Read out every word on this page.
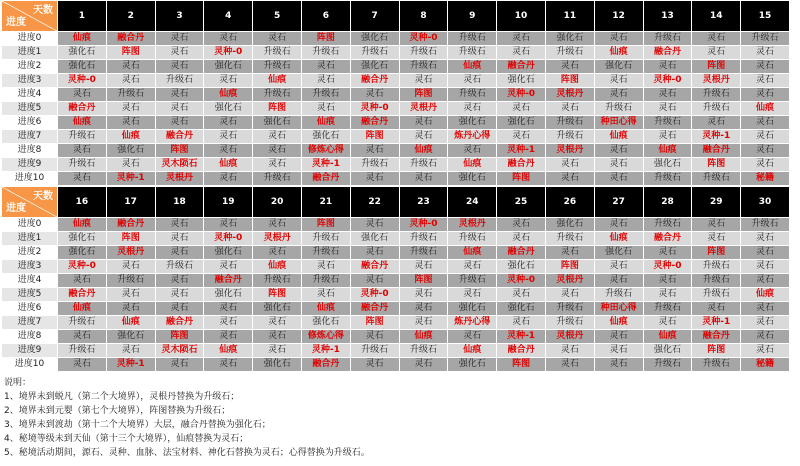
天数
进度	1	2	3	4	5	6	7	8	9	10	11	12	13	14	15
进度0	仙痕	融合丹	灵石	灵石	灵石	阵图	强化石	灵种-0	升级石	灵石	强化石	灵石	升级石	灵石	升级石
进度1	强化石	阵图	灵石	灵种-0	升级石	升级石	升级石	升级石	升级石	灵石	升级石	仙痕	融合丹	灵石	灵石
进度2	强化石	灵石	灵石	强化石	升级石	灵石	强化石	升级石	仙痕	融合丹	灵石	强化石	灵石	阵图	灵石
进度3	灵种-0	灵石	升级石	灵石	仙痕	灵石	融合丹	灵石	灵石	强化石	阵图	灵石	灵种-0	灵根丹	灵石
进度4	灵石	升级石	灵石	仙痕	升级石	升级石	灵石	阵图	升级石	灵种-0	灵根丹	灵石	灵石	升级石	灵石
进度5	融合丹	灵石	灵石	强化石	阵图	灵石	灵种-0	灵根丹	灵石	灵石	灵石	升级石	灵石	升级石	仙痕
进度6	仙痕	灵石	灵石	灵石	强化石	仙痕	融合丹	灵石	强化石	强化石	升级石	种田心得	升级石	灵石	灵石
进度7	升级石	仙痕	融合丹	灵石	灵石	强化石	阵图	灵石	炼丹心得	灵石	升级石	仙痕	灵石	灵种-1	灵石
进度8	灵石	强化石	阵图	灵石	灵石	修炼心得	灵石	仙痕	灵石	灵种-1	灵根丹	灵石	仙痕	融合丹	灵石
进度9	升级石	灵石	灵木陨石	仙痕	灵石	灵种-1	升级石	升级石	仙痕	融合丹	灵石	灵石	强化石	阵图	灵石
进度10	灵石	灵种-1	灵根丹	灵石	升级石	融合丹	灵石	灵石	强化石	阵图	灵石	灵石	升级石	升级石	秘籍
天数
进度	16	17	18	19	20	21	22	23	24	25	26	27	28	29	30
进度0	仙痕	融合丹	灵石	灵石	灵石	阵图	灵石	灵种-0	灵根丹	灵石	强化石	灵石	升级石	灵石	升级石
进度1	强化石	阵图	灵石	灵种-0	灵根丹	升级石	强化石	升级石	升级石	灵石	升级石	仙痕	融合丹	灵石	灵石
进度2	强化石	灵根丹	灵石	强化石	灵石	升级石	灵石	升级石	仙痕	融合丹	灵石	强化石	灵石	阵图	灵石
进度3	灵种-0	灵石	升级石	灵石	仙痕	灵石	融合丹	灵石	灵石	强化石	阵图	灵石	灵种-0	升级石	灵石
进度4	灵石	升级石	灵石	融合丹	升级石	升级石	灵石	阵图	升级石	灵种-0	灵根丹	灵石	灵石	升级石	灵石
进度5	融合丹	灵石	灵石	强化石	阵图	灵石	灵种-0	灵石	灵石	灵石	灵石	升级石	灵石	升级石	仙痕
进度6	仙痕	灵石	灵石	灵石	强化石	仙痕	融合丹	灵石	强化石	强化石	升级石	种田心得	升级石	灵石	灵石
进度7	升级石	仙痕	融合丹	灵石	灵石	强化石	阵图	灵石	炼丹心得	灵石	升级石	仙痕	灵石	灵种-1	灵石
进度8	灵石	强化石	阵图	灵石	灵石	修炼心得	灵石	仙痕	灵石	灵种-1	灵根丹	灵石	仙痕	融合丹	灵石
进度9	升级石	灵石	灵木陨石	仙痕	灵石	灵种-1	升级石	升级石	仙痕	融合丹	灵石	灵石	强化石	阵图	灵石
进度10	灵石	灵种-1	灵石	灵石	强化石	融合丹	灵石	灵石	强化石	阵图	灵石	灵石	升级石	升级石	秘籍
说明：
1、境界未到蜕凡（第二个大境界），灵根丹替换为升级石；
2、境界未到元婴（第七个大境界），阵图替换为升级石；
3、境界未到渡劫（第十二个大境界）大层，融合丹替换为强化石；
4、秘境等级未到天仙（第十三个大境界），仙痕替换为灵石；
5、秘境活动期间，源石、灵种、血脉、法宝材料、神化石替换为灵石；心得替换为升级石。
